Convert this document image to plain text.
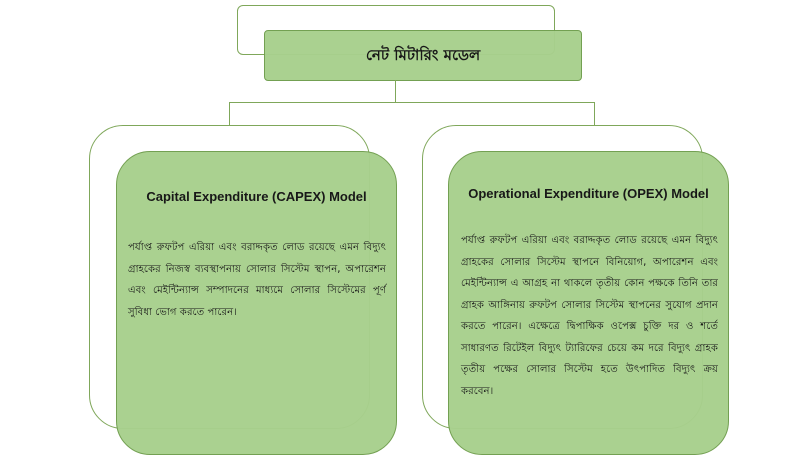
নেট মিটারিং মডেল
Capital Expenditure (CAPEX) Model
পর্যাপ্ত রুফটপ এরিয়া এবং বরাদ্দকৃত লোড রয়েছে এমন বিদ্যুৎ গ্রাহকের নিজস্ব ব্যবস্থাপনায় সোলার সিস্টেম স্থাপন, অপারেশন এবং মেইন্টিন্যান্স সম্পাদনের মাধ্যমে সোলার সিস্টেমের পূর্ণ সুবিধা ভোগ করতে পারেন।
Operational Expenditure (OPEX) Model
পর্যাপ্ত রুফটপ এরিয়া এবং বরাদ্দকৃত লোড রয়েছে এমন বিদ্যুৎ গ্রাহকের সোলার সিস্টেম স্থাপনে বিনিয়োগ, অপারেশন এবং মেইন্টিন্যান্স এ আগ্রহ না থাকলে তৃতীয় কোন পক্ষকে তিনি তার গ্রাহক আঙ্গিনায় রুফটপ সোলার সিস্টেম স্থাপনের সুযোগ প্রদান করতে পারেন। এক্ষেত্রে দ্বিপাক্ষিক ওপেক্স চুক্তি দর ও শর্তে সাধারণত রিটেইল বিদ্যুৎ ট্যারিফের চেয়ে কম দরে বিদ্যুৎ গ্রাহক তৃতীয় পক্ষের সোলার সিস্টেম হতে উৎপাদিত বিদ্যুৎ ক্রয় করবেন।
